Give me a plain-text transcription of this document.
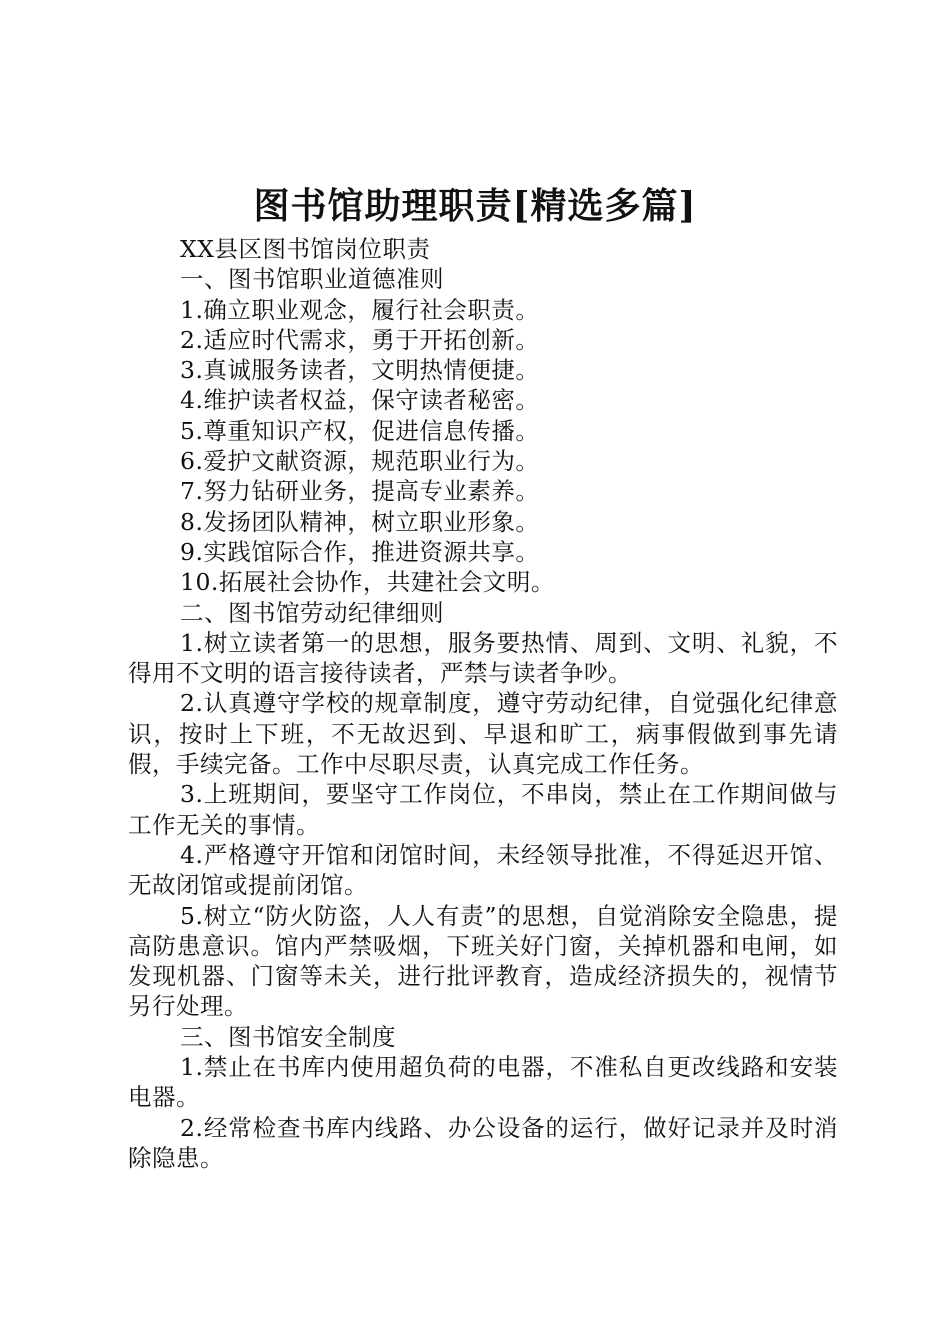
图书馆助理职责[精选多篇]

XX县区图书馆岗位职责

一、图书馆职业道德准则

1.确立职业观念，履行社会职责。

2.适应时代需求，勇于开拓创新。

3.真诚服务读者，文明热情便捷。

4.维护读者权益，保守读者秘密。

5.尊重知识产权，促进信息传播。

6.爱护文献资源，规范职业行为。

7.努力钻研业务，提高专业素养。

8.发扬团队精神，树立职业形象。

9.实践馆际合作，推进资源共享。

10.拓展社会协作，共建社会文明。

二、图书馆劳动纪律细则

1.树立读者第一的思想，服务要热情、周到、文明、礼貌，不得用不文明的语言接待读者，严禁与读者争吵。

2.认真遵守学校的规章制度，遵守劳动纪律，自觉强化纪律意识，按时上下班，不无故迟到、早退和旷工，病事假做到事先请假，手续完备。工作中尽职尽责，认真完成工作任务。

3.上班期间，要坚守工作岗位，不串岗，禁止在工作期间做与工作无关的事情。

4.严格遵守开馆和闭馆时间，未经领导批准，不得延迟开馆、无故闭馆或提前闭馆。

5.树立“防火防盗，人人有责”的思想，自觉消除安全隐患，提高防患意识。馆内严禁吸烟，下班关好门窗，关掉机器和电闸，如发现机器、门窗等未关，进行批评教育，造成经济损失的，视情节另行处理。

三、图书馆安全制度

1.禁止在书库内使用超负荷的电器，不准私自更改线路和安装电器。

2.经常检查书库内线路、办公设备的运行，做好记录并及时消除隐患。
